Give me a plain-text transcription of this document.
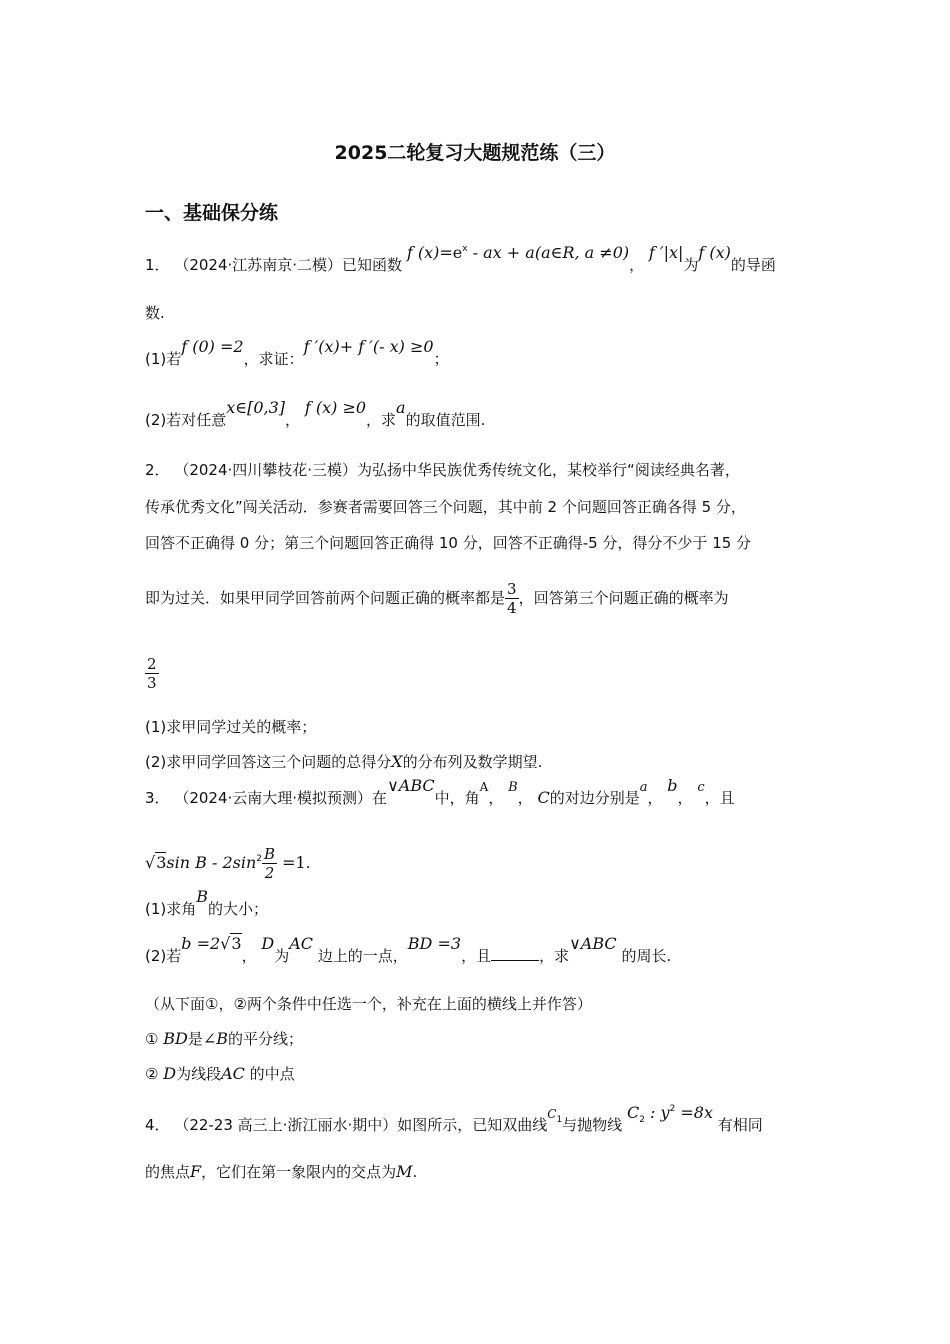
2025二轮复习大题规范练（三）
一、基础保分练
1． （2024·江苏南京·二模）已知函数 f $(x)=e^x$ - ax + a(a∈R, a ≠0)， f ′|x|为f (x)的导函
数.
(1)若f (0) =2，求证：f ′(x)+ f ′(- x) ≥0；
(2)若对任意x∈[0,3]， f (x) ≥0，求a的取值范围.
2． （2024·四川攀枝花·三模）为弘扬中华民族优秀传统文化，某校举行“阅读经典名著，
传承优秀文化”闯关活动．参赛者需要回答三个问题，其中前 2 个问题回答正确各得 5 分，
回答不正确得 0 分；第三个问题回答正确得 10 分，回答不正确得-5 分，得分不少于 15 分
即为过关．如果甲同学回答前两个问题正确的概率都是 $\frac{3}{4}$ ，回答第三个问题正确的概率为
$\frac{2}{3}$
(1)求甲同学过关的概率；
(2)求甲同学回答这三个问题的总得分X的分布列及数学期望.
3． （2024·云南大理·模拟预测）在∨ABC中，角$^A$， B， C的对边分别是a， b， c，且
√3sin $B - 2\sin^2 \frac{B}{2} =1$.
(1)求角B的大小；
(2)若b =2√3， D为AC 边上的一点，BD =3，且	，求∨ABC 的周长.
（从下面①，②两个条件中任选一个，补充在上面的横线上并作答）
① BD是∠B的平分线；
② D为线段AC 的中点
4． （22-23 高三上·浙江丽水·期中）如图所示，已知双曲线$C_1$与抛物线 $C_2$ : $y^2 =8x$ 有相同
的焦点F，它们在第一象限内的交点为M.
